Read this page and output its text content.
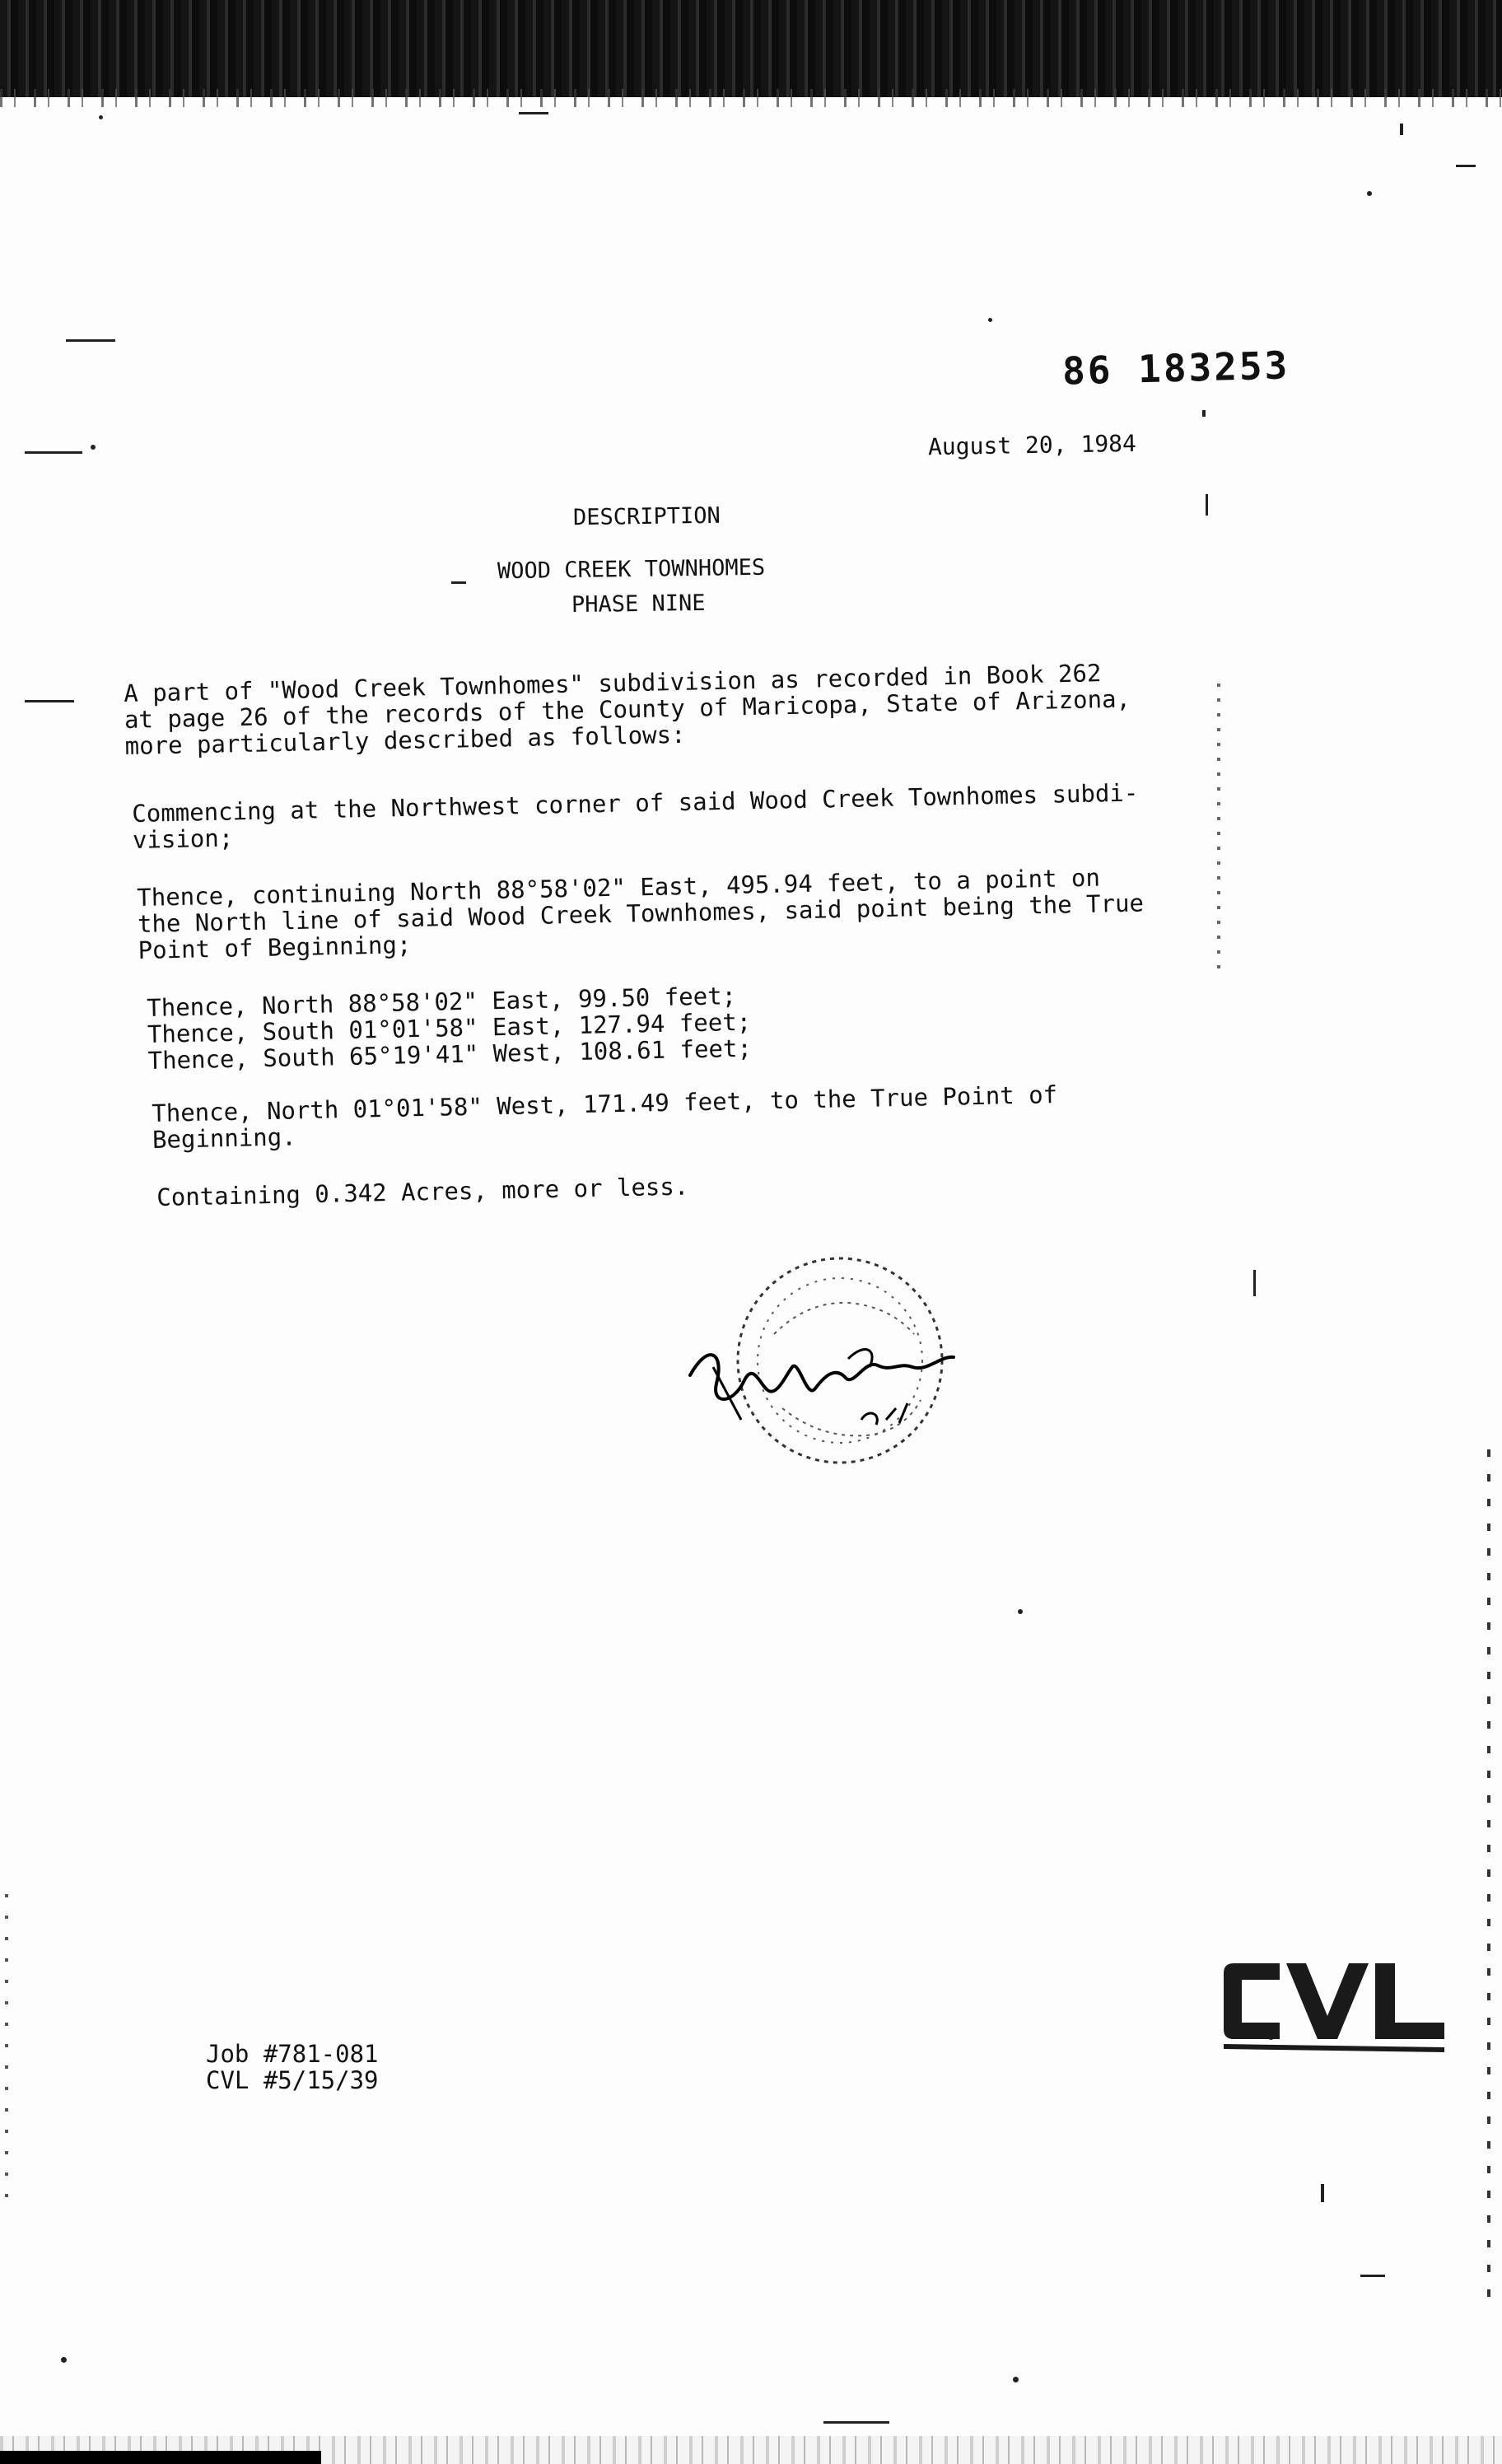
86 183253
August 20, 1984
DESCRIPTION
WOOD CREEK TOWNHOMES
PHASE NINE
A part of "Wood Creek Townhomes" subdivision as recorded in Book 262
at page 26 of the records of the County of Maricopa, State of Arizona,
more particularly described as follows:
Commencing at the Northwest corner of said Wood Creek Townhomes subdi-
vision;
Thence, continuing North 88°58'02" East, 495.94 feet, to a point on
the North line of said Wood Creek Townhomes, said point being the True
Point of Beginning;
Thence, North 88°58'02" East, 99.50 feet;
Thence, South 01°01'58" East, 127.94 feet;
Thence, South 65°19'41" West, 108.61 feet;
Thence, North 01°01'58" West, 171.49 feet, to the True Point of
Beginning.
Containing 0.342 Acres, more or less.
Job #781-081
CVL #5/15/39
